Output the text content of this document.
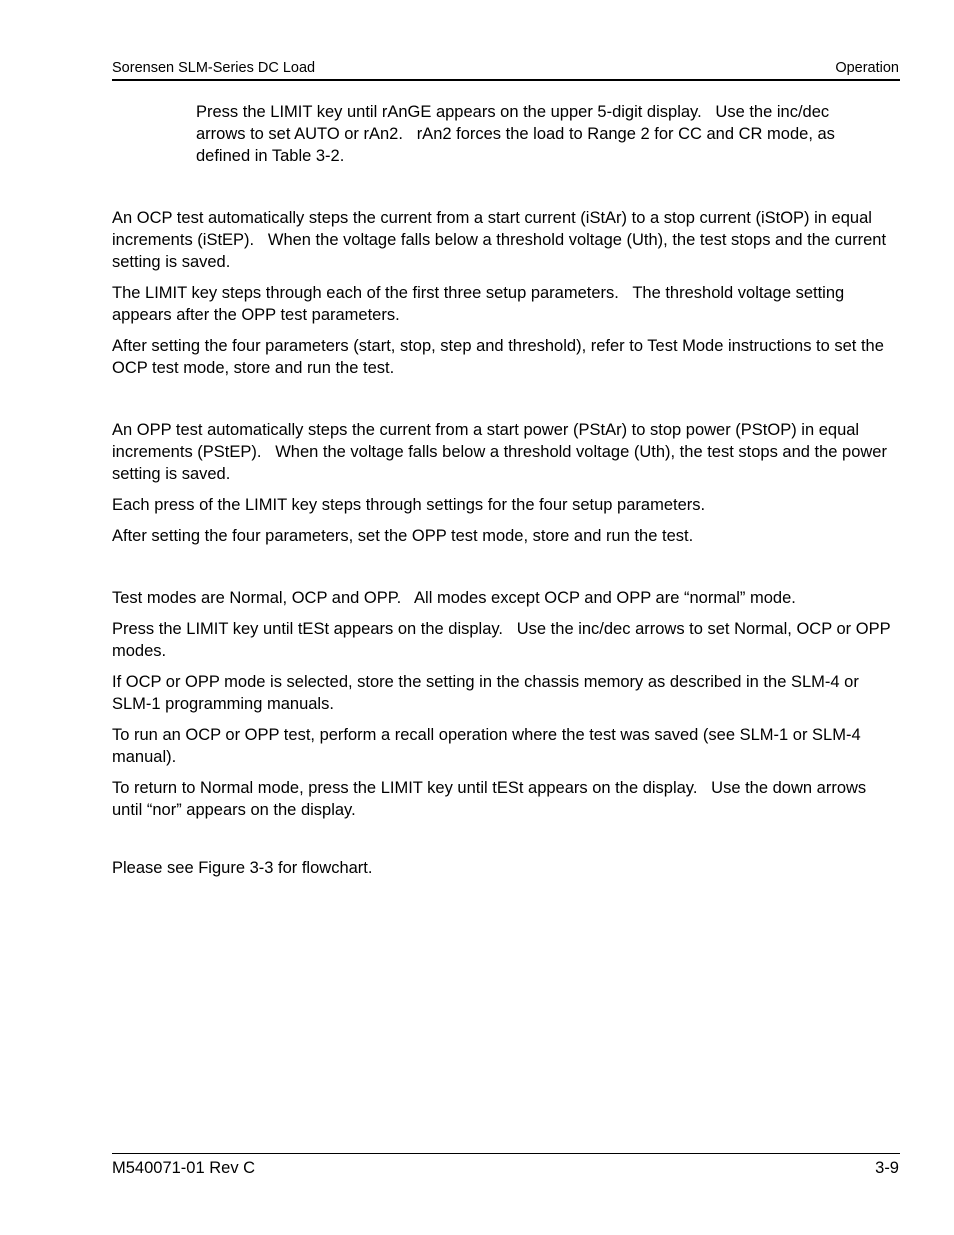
Sorensen SLM-Series DC Load	Operation

Press the LIMIT key until rAnGE appears on the upper 5-digit display.   Use the inc/dec arrows to set AUTO or rAn2.   rAn2 forces the load to Range 2 for CC and CR mode, as defined in Table 3-2.

An OCP test automatically steps the current from a start current (iStAr) to a stop current (iStOP) in equal increments (iStEP).   When the voltage falls below a threshold voltage (Uth), the test stops and the current setting is saved.

The LIMIT key steps through each of the first three setup parameters.   The threshold voltage setting appears after the OPP test parameters.

After setting the four parameters (start, stop, step and threshold), refer to Test Mode instructions to set the OCP test mode, store and run the test.

An OPP test automatically steps the current from a start power (PStAr) to stop power (PStOP) in equal increments (PStEP).   When the voltage falls below a threshold voltage (Uth), the test stops and the power setting is saved.

Each press of the LIMIT key steps through settings for the four setup parameters.

After setting the four parameters, set the OPP test mode, store and run the test.

Test modes are Normal, OCP and OPP.   All modes except OCP and OPP are “normal” mode.

Press the LIMIT key until tESt appears on the display.   Use the inc/dec arrows to set Normal, OCP or OPP modes.

If OCP or OPP mode is selected, store the setting in the chassis memory as described in the SLM-4 or SLM-1 programming manuals.

To run an OCP or OPP test, perform a recall operation where the test was saved (see SLM-1 or SLM-4 manual).

To return to Normal mode, press the LIMIT key until tESt appears on the display.   Use the down arrows until “nor” appears on the display.

Please see Figure 3-3 for flowchart.

M540071-01 Rev C	3-9
